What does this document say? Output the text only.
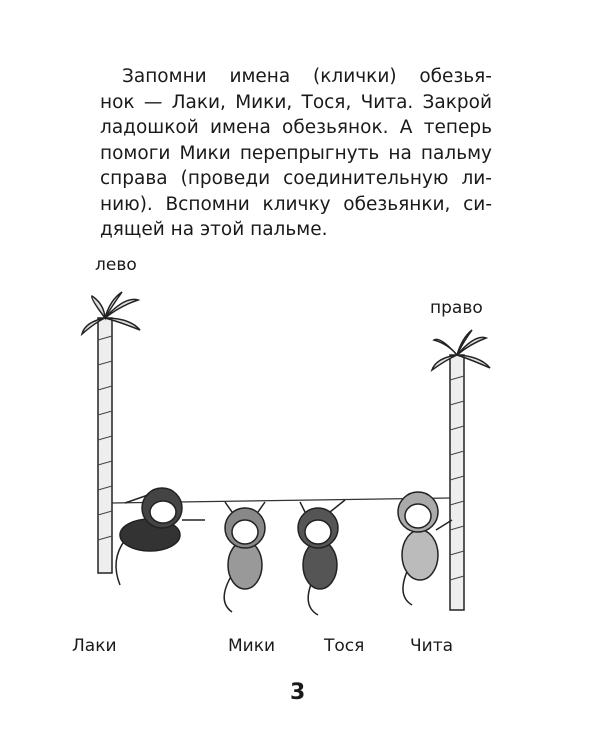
Запомни имена (клички) обезья-
нок — Лаки, Мики, Тося, Чита. Закрой
ладошкой имена обезьянок. А теперь
помоги Мики перепрыгнуть на пальму
справа (проведи соединительную ли-
нию). Вспомни кличку обезьянки, си-
дящей на этой пальме.
лево
право
Лаки	Мики	Тося	Чита
3
